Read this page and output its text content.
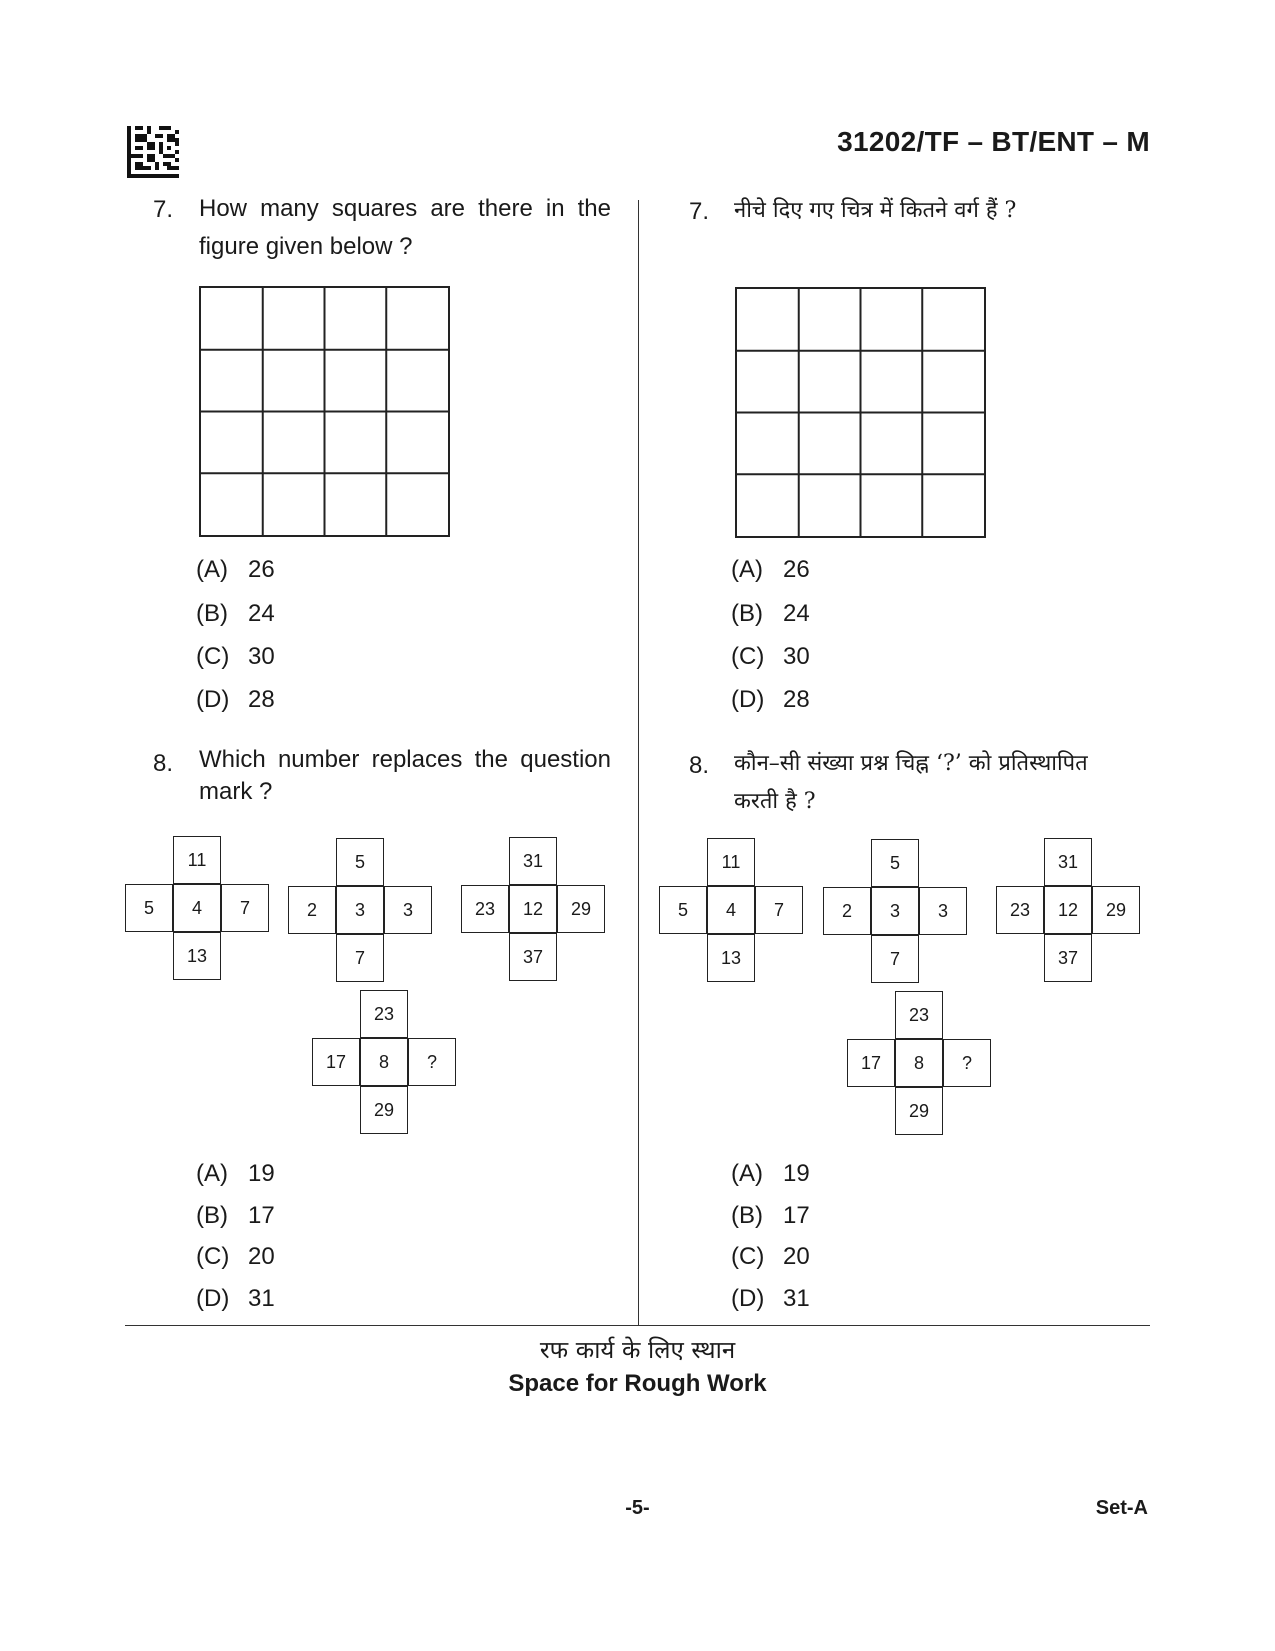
31202/TF – BT/ENT – M
7. How many squares are there in the figure given below ?
(A) 26
(B) 24
(C) 30
(D) 28
8. Which number replaces the question mark ?
11
5	4	7
13
5
2	3	3
7
31
23	12	29
37
23
17	8	?
29
(A) 19
(B) 17
(C) 20
(D) 31
7. नीचे दिए गए चित्र में कितने वर्ग हैं ?
(A) 26
(B) 24
(C) 30
(D) 28
8. कौन–सी संख्या प्रश्न चिह्न ‘?’ को प्रतिस्थापित करती है ?
11
5	4	7
13
5
2	3	3
7
31
23	12	29
37
23
17	8	?
29
(A) 19
(B) 17
(C) 20
(D) 31
रफ कार्य के लिए स्थान
Space for Rough Work
-5-	Set-A
